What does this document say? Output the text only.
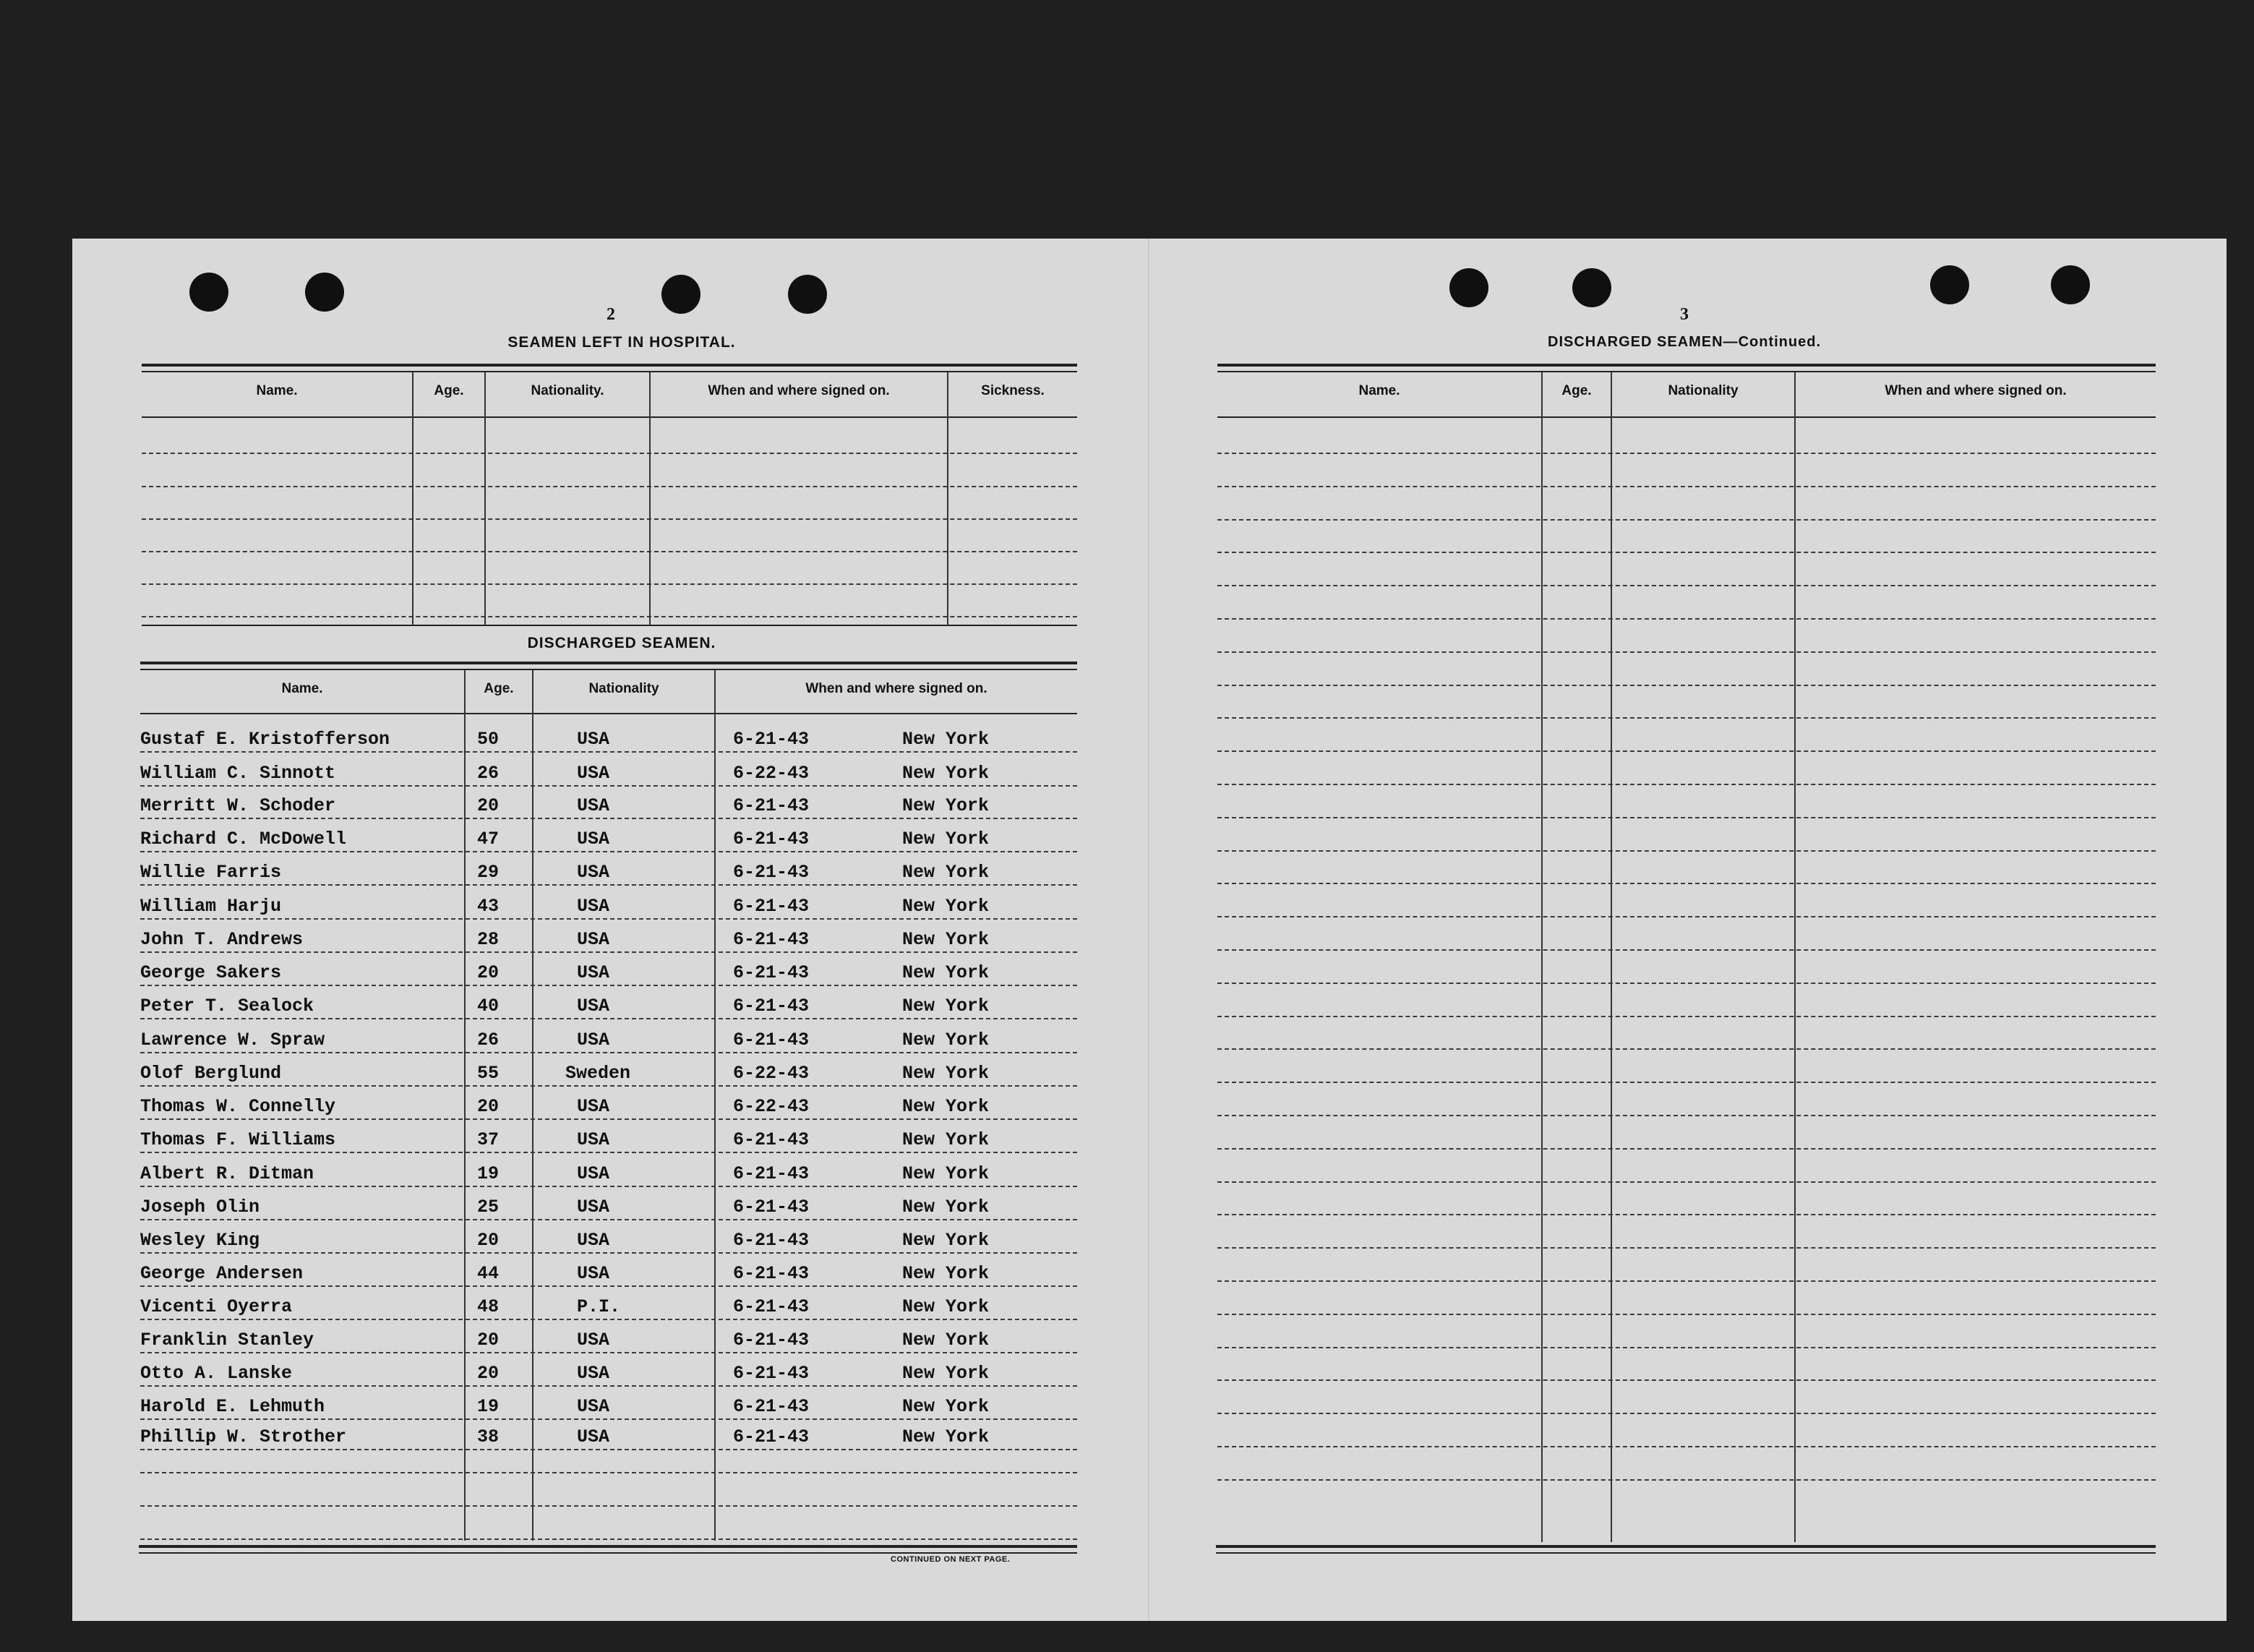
2
SEAMEN LEFT IN HOSPITAL.
Name.	Age.	Nationality.	When and where signed on.	Sickness.
DISCHARGED SEAMEN.
Name.	Age.	Nationality	When and where signed on.
Gustaf E. Kristofferson	50	USA	6-21-43	New York
William C. Sinnott	26	USA	6-22-43	New York
Merritt W. Schoder	20	USA	6-21-43	New York
Richard C. McDowell	47	USA	6-21-43	New York
Willie Farris	29	USA	6-21-43	New York
William Harju	43	USA	6-21-43	New York
John T. Andrews	28	USA	6-21-43	New York
George Sakers	20	USA	6-21-43	New York
Peter T. Sealock	40	USA	6-21-43	New York
Lawrence W. Spraw	26	USA	6-21-43	New York
Olof Berglund	55	Sweden	6-22-43	New York
Thomas W. Connelly	20	USA	6-22-43	New York
Thomas F. Williams	37	USA	6-21-43	New York
Albert R. Ditman	19	USA	6-21-43	New York
Joseph Olin	25	USA	6-21-43	New York
Wesley King	20	USA	6-21-43	New York
George Andersen	44	USA	6-21-43	New York
Vicenti Oyerra	48	P.I.	6-21-43	New York
Franklin Stanley	20	USA	6-21-43	New York
Otto A. Lanske	20	USA	6-21-43	New York
Harold E. Lehmuth	19	USA	6-21-43	New York
Phillip W. Strother	38	USA	6-21-43	New York
CONTINUED ON NEXT PAGE.
3
DISCHARGED SEAMEN—Continued.
Name.	Age.	Nationality	When and where signed on.
